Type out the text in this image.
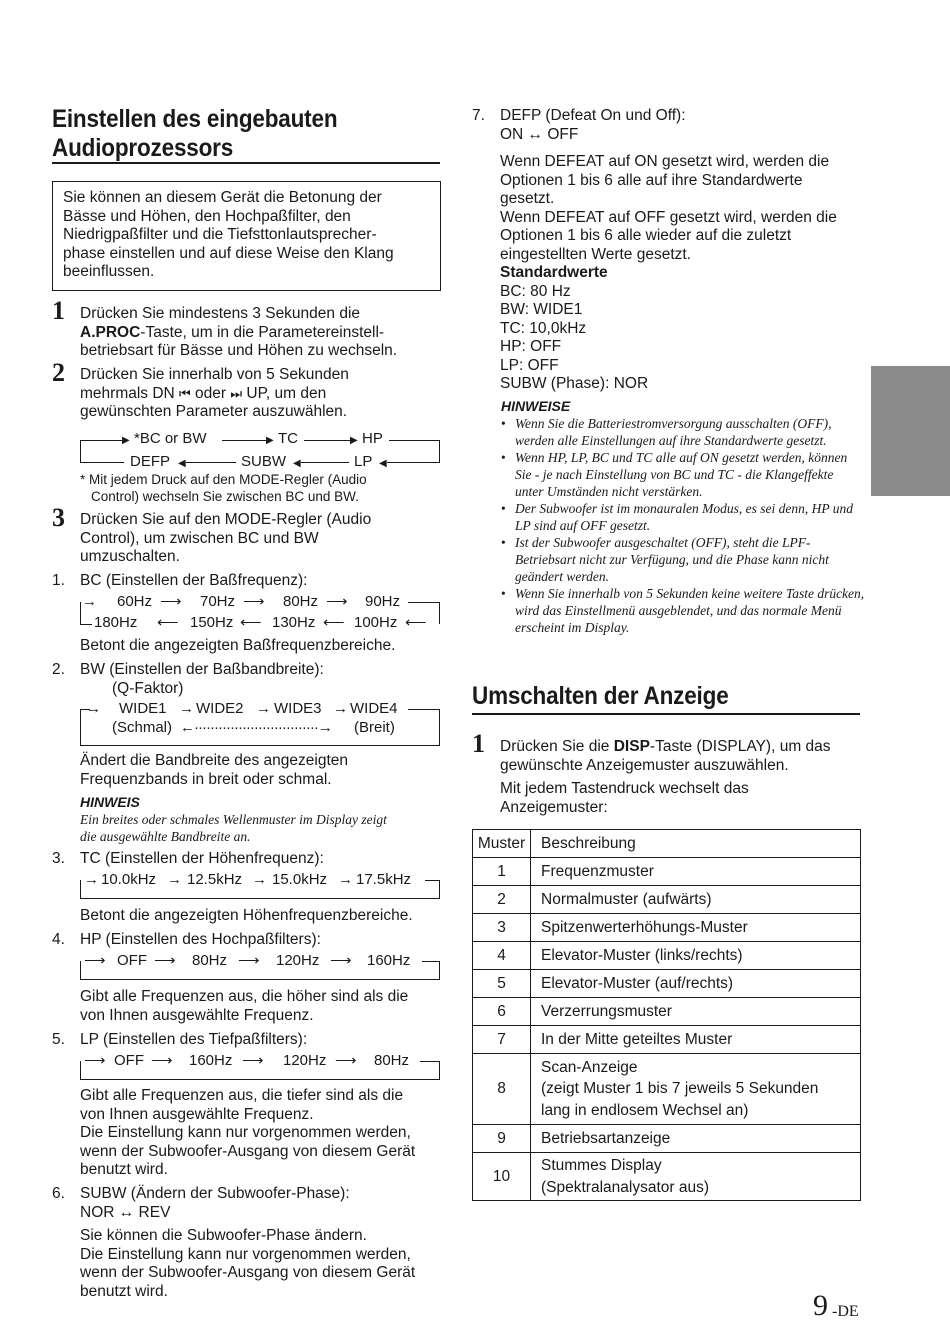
Einstellen des eingebauten
Audioprozessors
Sie können an diesem Gerät die Betonung der
Bässe und Höhen, den Hochpaßfilter, den
Niedrigpaßfilter und die Tiefsttonlautsprecher-
phase einstellen und auf diese Weise den Klang
beeinflussen.
1 Drücken Sie mindestens 3 Sekunden die
A.PROC-Taste, um in die Parametereinstell-
betriebsart für Bässe und Höhen zu wechseln.
2 Drücken Sie innerhalb von 5 Sekunden
mehrmals DN ⏮ oder ⏭ UP, um den
gewünschten Parameter auszuwählen.
▶ *BC or BW	▶ TC	▶ HP
DEFP ◀	SUBW ◀	LP ◀
* Mit jedem Druck auf den MODE-Regler (Audio
Control) wechseln Sie zwischen BC und BW.
3 Drücken Sie auf den MODE-Regler (Audio
Control), um zwischen BC und BW
umzuschalten.
1. BC (Einstellen der Baßfrequenz):
→ 60Hz ⟶ 70Hz ⟶ 80Hz ⟶ 90Hz
180Hz ⟵ 150Hz ⟵ 130Hz ⟵ 100Hz ⟵
Betont die angezeigten Baßfrequenzbereiche.
2. BW (Einstellen der Baßbandbreite):
(Q-Faktor)
→ WIDE1 → WIDE2 → WIDE3 → WIDE4
(Schmal) ←·······························→ (Breit)
Ändert die Bandbreite des angezeigten
Frequenzbands in breit oder schmal.
HINWEIS
Ein breites oder schmales Wellenmuster im Display zeigt
die ausgewählte Bandbreite an.
3. TC (Einstellen der Höhenfrequenz):
→ 10.0kHz → 12.5kHz → 15.0kHz → 17.5kHz
Betont die angezeigten Höhenfrequenzbereiche.
4. HP (Einstellen des Hochpaßfilters):
⟶ OFF ⟶ 80Hz ⟶ 120Hz ⟶ 160Hz
Gibt alle Frequenzen aus, die höher sind als die
von Ihnen ausgewählte Frequenz.
5. LP (Einstellen des Tiefpaßfilters):
⟶ OFF ⟶ 160Hz ⟶ 120Hz ⟶ 80Hz
Gibt alle Frequenzen aus, die tiefer sind als die
von Ihnen ausgewählte Frequenz.
Die Einstellung kann nur vorgenommen werden,
wenn der Subwoofer-Ausgang von diesem Gerät
benutzt wird.
6. SUBW (Ändern der Subwoofer-Phase):
NOR ↔ REV
Sie können die Subwoofer-Phase ändern.
Die Einstellung kann nur vorgenommen werden,
wenn der Subwoofer-Ausgang von diesem Gerät
benutzt wird.
7. DEFP (Defeat On und Off):
ON ↔ OFF
Wenn DEFEAT auf ON gesetzt wird, werden die
Optionen 1 bis 6 alle auf ihre Standardwerte
gesetzt.
Wenn DEFEAT auf OFF gesetzt wird, werden die
Optionen 1 bis 6 alle wieder auf die zuletzt
eingestellten Werte gesetzt.
Standardwerte
BC: 80 Hz
BW: WIDE1
TC: 10,0kHz
HP: OFF
LP: OFF
SUBW (Phase): NOR
HINWEISE
• Wenn Sie die Batteriestromversorgung ausschalten (OFF), werden alle Einstellungen auf ihre Standardwerte gesetzt.
• Wenn HP, LP, BC und TC alle auf ON gesetzt werden, können Sie - je nach Einstellung von BC und TC - die Klangeffekte unter Umständen nicht verstärken.
• Der Subwoofer ist im monauralen Modus, es sei denn, HP und LP sind auf OFF gesetzt.
• Ist der Subwoofer ausgeschaltet (OFF), steht die LPF-Betriebsart nicht zur Verfügung, und die Phase kann nicht geändert werden.
• Wenn Sie innerhalb von 5 Sekunden keine weitere Taste drücken, wird das Einstellmenü ausgeblendet, und das normale Menü erscheint im Display.
Umschalten der Anzeige
1 Drücken Sie die DISP-Taste (DISPLAY), um das
gewünschte Anzeigemuster auszuwählen.
Mit jedem Tastendruck wechselt das
Anzeigemuster:
Muster	Beschreibung
1	Frequenzmuster
2	Normalmuster (aufwärts)
3	Spitzenwerterhöhungs-Muster
4	Elevator-Muster (links/rechts)
5	Elevator-Muster (auf/rechts)
6	Verzerrungsmuster
7	In der Mitte geteiltes Muster
8	Scan-Anzeige
(zeigt Muster 1 bis 7 jeweils 5 Sekunden
lang in endlosem Wechsel an)

9	Betriebsartanzeige
10	Stummes Display
(Spektralanalysator aus)
9 -DE
